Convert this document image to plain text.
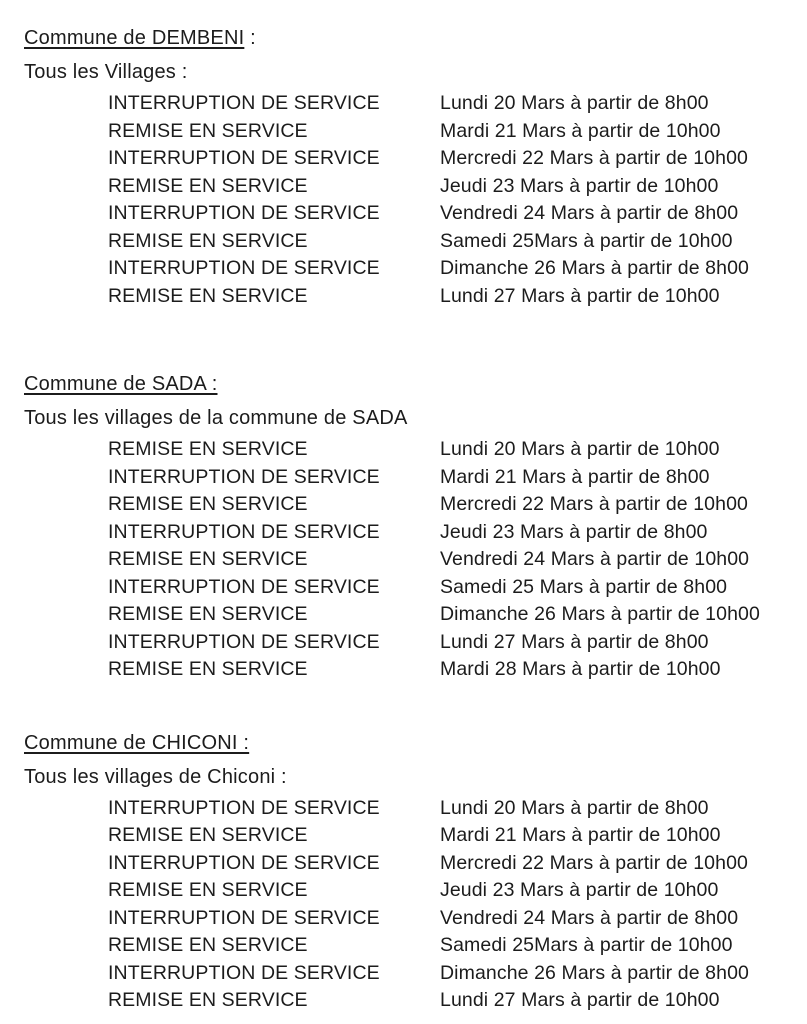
Commune de DEMBENI :

Tous les Villages :

INTERRUPTION DE SERVICE	Lundi 20 Mars à partir de 8h00
REMISE EN SERVICE	Mardi 21 Mars à partir de 10h00
INTERRUPTION DE SERVICE	Mercredi 22 Mars à partir de 10h00
REMISE EN SERVICE	Jeudi 23 Mars à partir de 10h00
INTERRUPTION DE SERVICE	Vendredi 24 Mars à partir de 8h00
REMISE EN SERVICE	Samedi 25Mars à partir de 10h00
INTERRUPTION DE SERVICE	Dimanche 26 Mars à partir de 8h00
REMISE EN SERVICE	Lundi 27 Mars à partir de 10h00
Commune de SADA :

Tous les villages de la commune de SADA

REMISE EN SERVICE	Lundi 20 Mars à partir de 10h00
INTERRUPTION DE SERVICE	Mardi 21 Mars à partir de 8h00
REMISE EN SERVICE	Mercredi 22 Mars à partir de 10h00
INTERRUPTION DE SERVICE	Jeudi 23 Mars à partir de 8h00
REMISE EN SERVICE	Vendredi 24 Mars à partir de 10h00
INTERRUPTION DE SERVICE	Samedi 25 Mars à partir de 8h00
REMISE EN SERVICE	Dimanche 26 Mars à partir de 10h00
INTERRUPTION DE SERVICE	Lundi 27 Mars à partir de 8h00
REMISE EN SERVICE	Mardi 28 Mars à partir de 10h00
Commune de CHICONI :

Tous les villages de Chiconi :

INTERRUPTION DE SERVICE	Lundi 20 Mars à partir de 8h00
REMISE EN SERVICE	Mardi 21 Mars à partir de 10h00
INTERRUPTION DE SERVICE	Mercredi 22 Mars à partir de 10h00
REMISE EN SERVICE	Jeudi 23 Mars à partir de 10h00
INTERRUPTION DE SERVICE	Vendredi 24 Mars à partir de 8h00
REMISE EN SERVICE	Samedi 25Mars à partir de 10h00
INTERRUPTION DE SERVICE	Dimanche 26 Mars à partir de 8h00
REMISE EN SERVICE	Lundi 27 Mars à partir de 10h00
